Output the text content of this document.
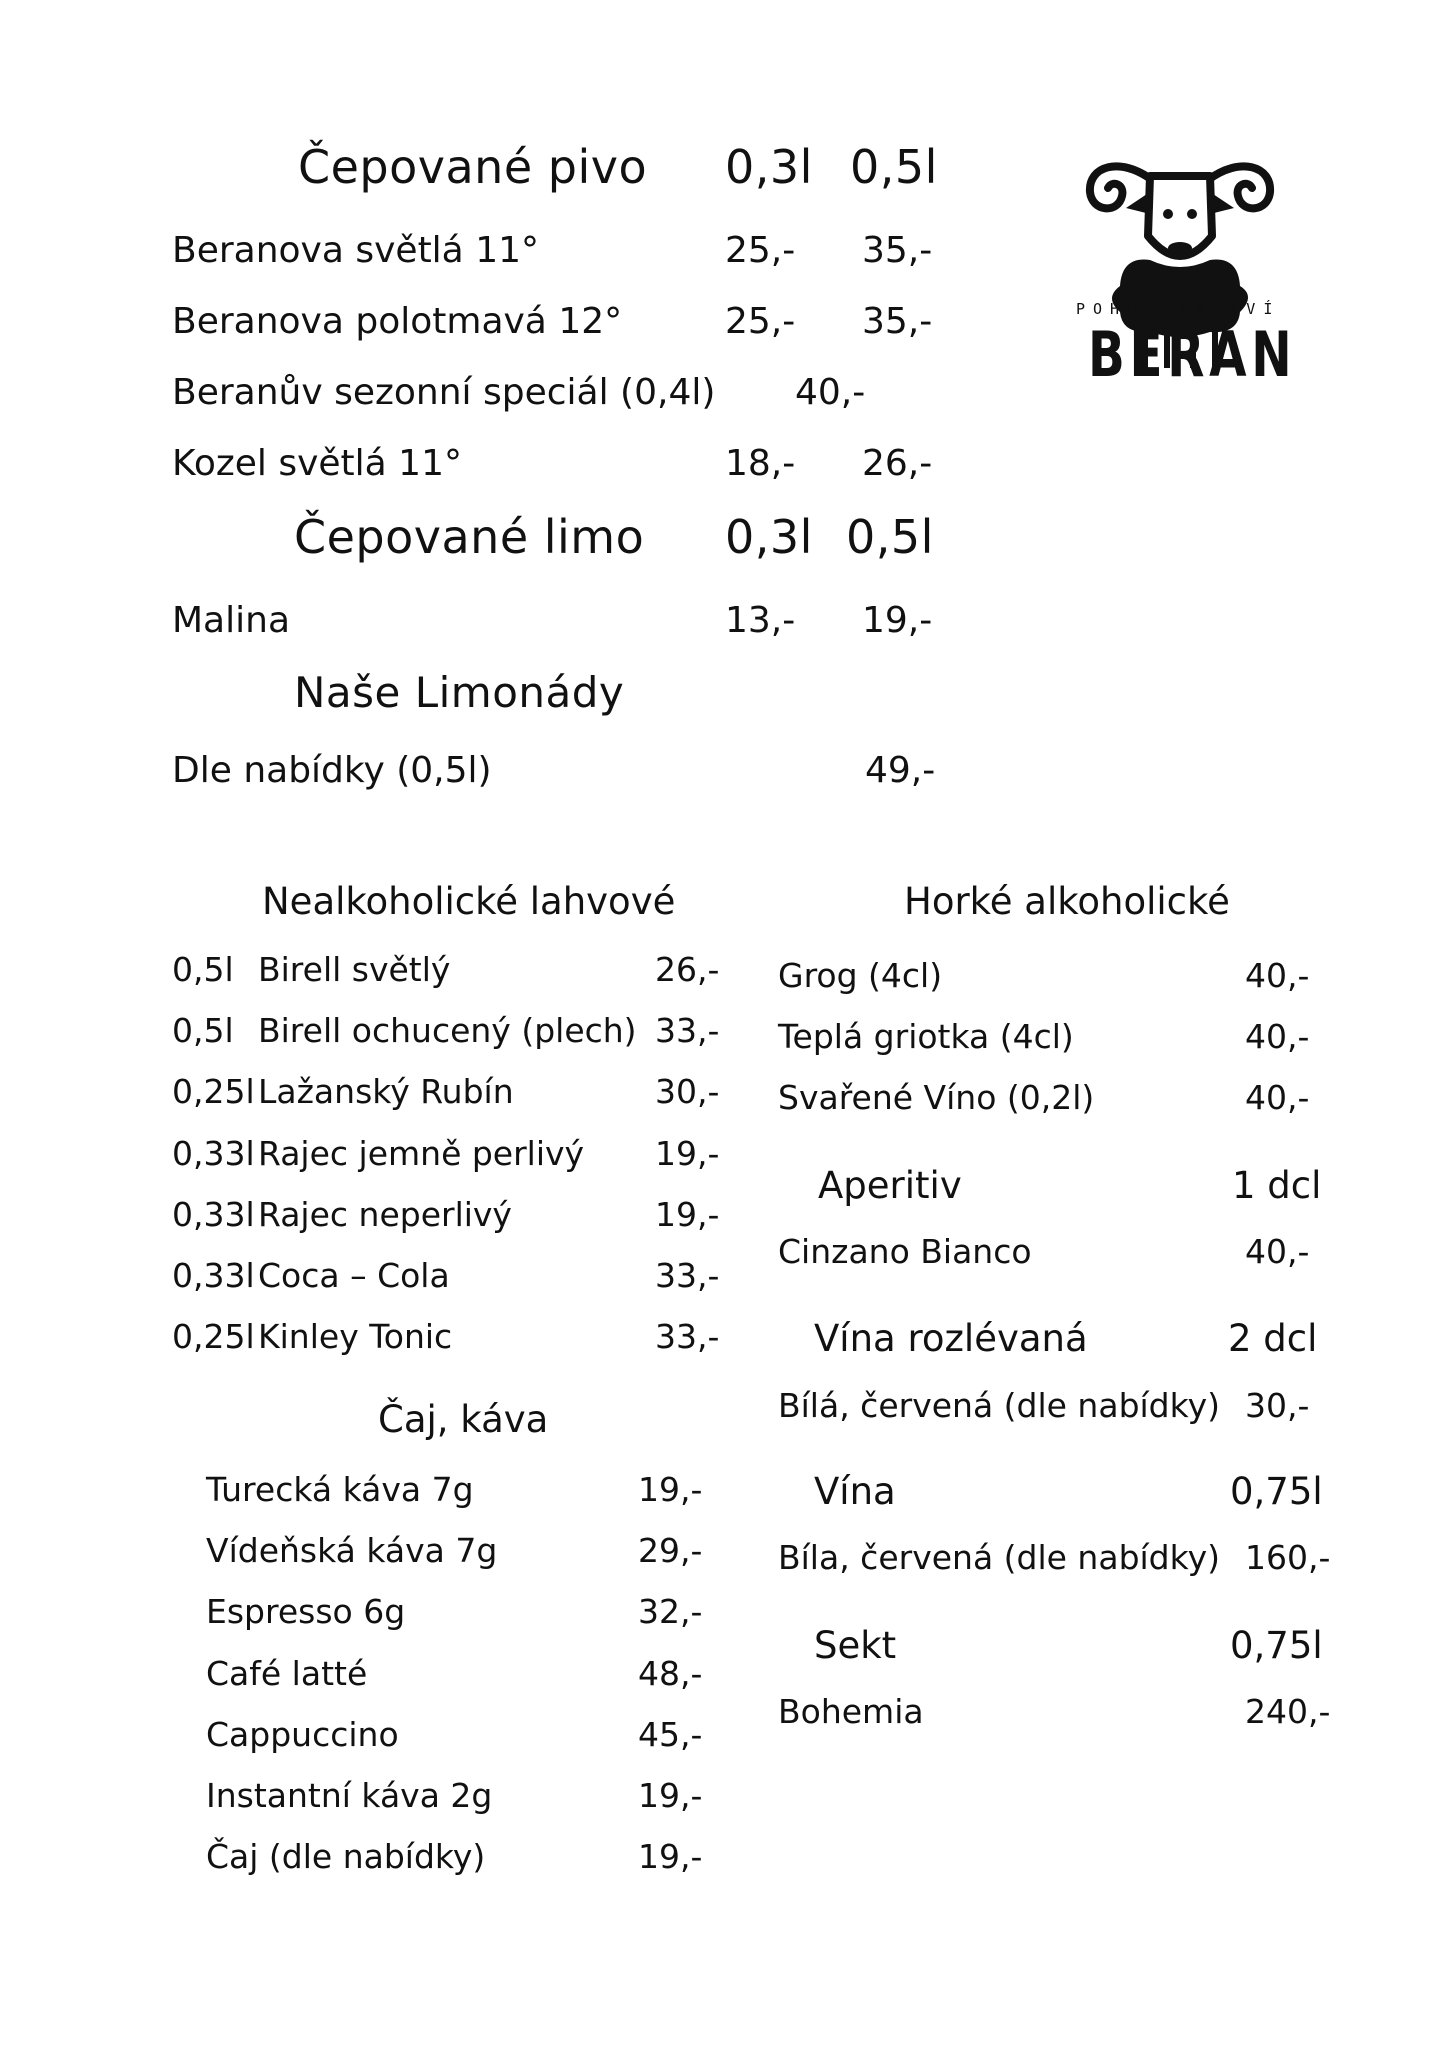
POHOSTINSTVÍ
BERAN
Čepované pivo 0,3l 0,5l
Beranova světlá 11°	25,- 35,-
Beranova polotmavá 12°	25,- 35,-
Beranův sezonní speciál (0,4l) 40,-
Kozel světlá 11°	18,- 26,-
Čepované limo 0,3l 0,5l
Malina	13,- 19,-
Naše Limonády
Dle nabídky (0,5l)	49,-
Nealkoholické lahvové
0,5l Birell světlý	26,-
0,5l Birell ochucený (plech) 33,-
0,25l Lažanský Rubín	30,-
0,33l Rajec jemně perlivý 19,-
0,33l Rajec neperlivý	19,-
0,33l Coca – Cola	33,-
0,25l Kinley Tonic	33,-
Čaj, káva
Turecká káva 7g	19,-
Vídeňská káva 7g	29,-
Espresso 6g	32,-
Café latté	48,-
Cappuccino	45,-
Instantní káva 2g	19,-
Čaj (dle nabídky)	19,-
Horké alkoholické
Grog (4cl)	40,-
Teplá griotka (4cl)	40,-
Svařené Víno (0,2l)	40,-
Aperitiv	1 dcl
Cinzano Bianco	40,-
Vína rozlévaná	2 dcl
Bílá, červená (dle nabídky) 30,-
Vína	0,75l
Bíla, červená (dle nabídky) 160,-
Sekt	0,75l
Bohemia	240,-
